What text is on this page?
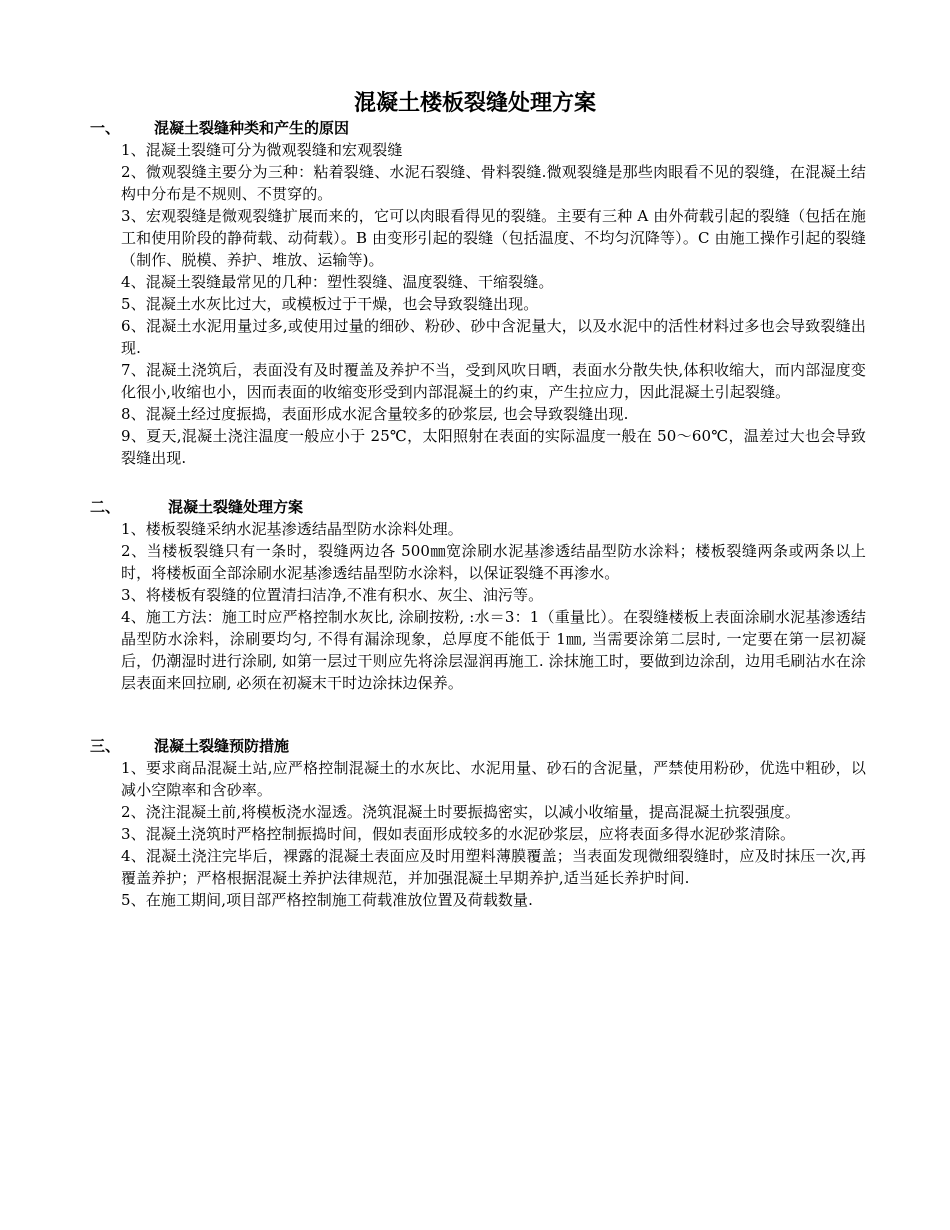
混凝土楼板裂缝处理方案
一、 混凝土裂缝种类和产生的原因
1、混凝土裂缝可分为微观裂缝和宏观裂缝
2、微观裂缝主要分为三种：粘着裂缝、水泥石裂缝、骨料裂缝.微观裂缝是那些肉眼看不见的裂缝，在混凝土结构中分布是不规则、不贯穿的。
3、宏观裂缝是微观裂缝扩展而来的，它可以肉眼看得见的裂缝。主要有三种 A 由外荷载引起的裂缝（包括在施工和使用阶段的静荷载、动荷载）。B 由变形引起的裂缝（包括温度、不均匀沉降等）。C 由施工操作引起的裂缝（制作、脱模、养护、堆放、运输等)。
4、混凝土裂缝最常见的几种：塑性裂缝、温度裂缝、干缩裂缝。
5、混凝土水灰比过大，或模板过于干燥，也会导致裂缝出现。
6、混凝土水泥用量过多,或使用过量的细砂、粉砂、砂中含泥量大，以及水泥中的活性材料过多也会导致裂缝出现.
7、混凝土浇筑后，表面没有及时覆盖及养护不当，受到风吹日晒，表面水分散失快,体积收缩大，而内部湿度变化很小,收缩也小，因而表面的收缩变形受到内部混凝土的约束，产生拉应力，因此混凝土引起裂缝。
8、混凝土经过度振捣，表面形成水泥含量较多的砂浆层, 也会导致裂缝出现.
9、夏天,混凝土浇注温度一般应小于 25℃，太阳照射在表面的实际温度一般在 50～60℃，温差过大也会导致裂缝出现.
二、	混凝土裂缝处理方案
1、楼板裂缝采纳水泥基渗透结晶型防水涂料处理。
2、当楼板裂缝只有一条时，裂缝两边各 500㎜宽涂刷水泥基渗透结晶型防水涂料；楼板裂缝两条或两条以上时，将楼板面全部涂刷水泥基渗透结晶型防水涂料，以保证裂缝不再渗水。
3、将楼板有裂缝的位置清扫洁净,不准有积水、灰尘、油污等。
4、施工方法：施工时应严格控制水灰比, 涂刷按粉, :水＝3：1（重量比）。在裂缝楼板上表面涂刷水泥基渗透结晶型防水涂料，涂刷要均匀, 不得有漏涂现象，总厚度不能低于 1㎜, 当需要涂第二层时, 一定要在第一层初凝后，仍潮湿时进行涂刷, 如第一层过干则应先将涂层湿润再施工. 涂抹施工时，要做到边涂刮，边用毛刷沾水在涂层表面来回拉刷, 必须在初凝末干时边涂抹边保养。
三、 混凝土裂缝预防措施
1、要求商品混凝土站,应严格控制混凝土的水灰比、水泥用量、砂石的含泥量，严禁使用粉砂，优选中粗砂，以减小空隙率和含砂率。
2、浇注混凝土前,将模板浇水湿透。浇筑混凝土时要振捣密实，以减小收缩量，提高混凝土抗裂强度。
3、混凝土浇筑时严格控制振捣时间，假如表面形成较多的水泥砂浆层，应将表面多得水泥砂浆清除。
4、混凝土浇注完毕后，裸露的混凝土表面应及时用塑料薄膜覆盖；当表面发现微细裂缝时，应及时抹压一次,再覆盖养护；严格根据混凝土养护法律规范，并加强混凝土早期养护,适当延长养护时间.
5、在施工期间,项目部严格控制施工荷载准放位置及荷载数量.
